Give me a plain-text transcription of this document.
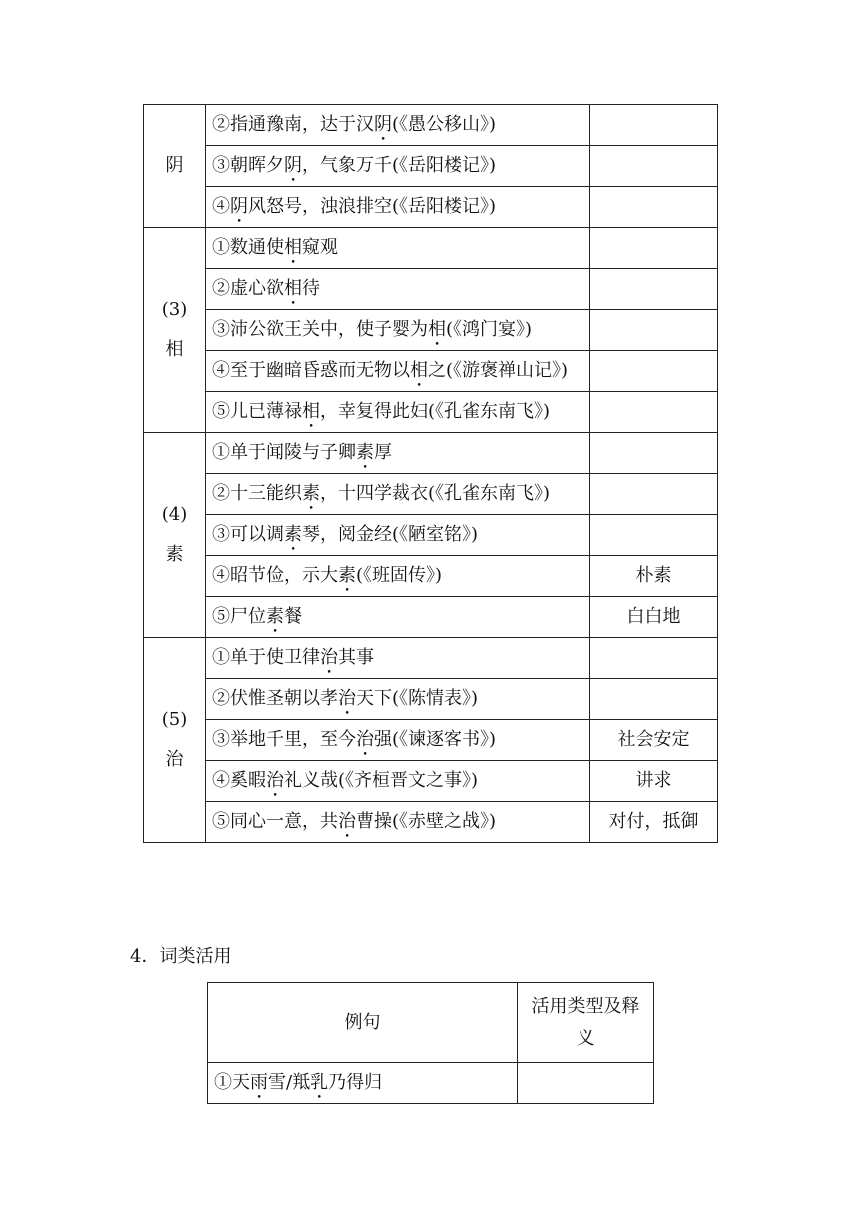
阴	②指通豫南，达于汉阴(《愚公移山》)	
	③朝晖夕阴，气象万千(《岳阳楼记》)	
	④阴风怒号，浊浪排空(《岳阳楼记》)	

(3)
相	①数通使相窥观	
	②虚心欲相待	
	③沛公欲王关中，使子婴为相(《鸿门宴》)	
	④至于幽暗昏惑而无物以相之(《游褒禅山记》)	
	⑤儿已薄禄相，幸复得此妇(《孔雀东南飞》)	

(4)
素	①单于闻陵与子卿素厚	
	②十三能织素，十四学裁衣(《孔雀东南飞》)	
	③可以调素琴，阅金经(《陋室铭》)	
	④昭节俭，示大素(《班固传》)	朴素
	⑤尸位素餐	白白地

(5)
治	①单于使卫律治其事	
	②伏惟圣朝以孝治天下(《陈情表》)	
	③举地千里，至今治强(《谏逐客书》)	社会安定
	④奚暇治礼义哉(《齐桓晋文之事》)	讲求
	⑤同心一意，共治曹操(《赤壁之战》)	对付，抵御
4．词类活用
例句	活用类型及释义
①天雨雪/羝乳乃得归	
